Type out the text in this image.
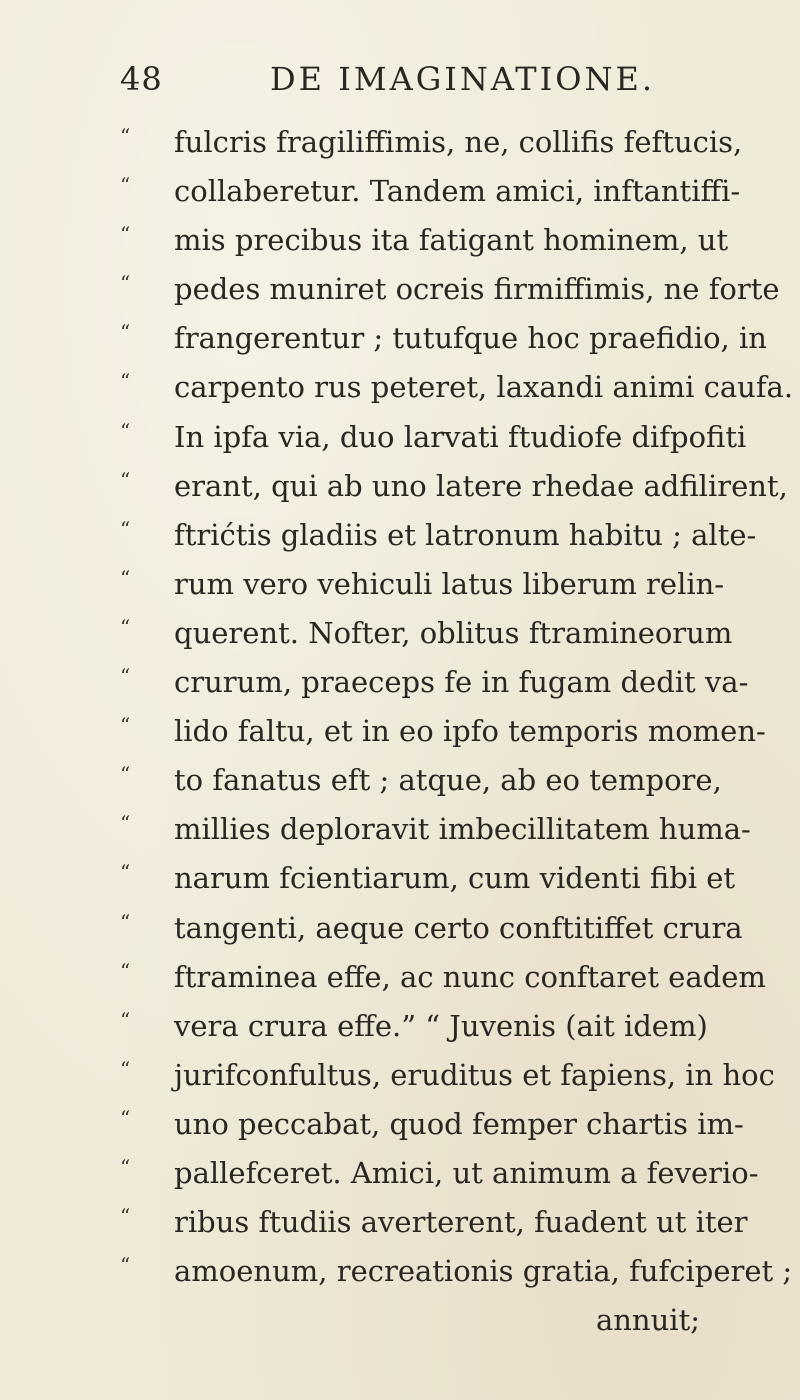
48	DE IMAGINATIONE.
“ fulcris fragiliffimis, ne, collifis feftucis,
“ collaberetur. Tandem amici, inftantiffi-
“ mis precibus ita fatigant hominem, ut
“ pedes muniret ocreis firmiffimis, ne forte
“ frangerentur ; tutufque hoc praefidio, in
“ carpento rus peteret, laxandi animi caufa.
“ In ipfa via, duo larvati ftudiofe difpofiti
“ erant, qui ab uno latere rhedae adfilirent,
“ ftrićtis gladiis et latronum habitu ; alte-
“ rum vero vehiculi latus liberum relin-
“ querent. Nofter, oblitus ftramineorum
“ crurum, praeceps fe in fugam dedit va-
“ lido faltu, et in eo ipfo temporis momen-
“ to fanatus eft ; atque, ab eo tempore,
“ millies deploravit imbecillitatem huma-
“ narum fcientiarum, cum videnti fibi et
“ tangenti, aeque certo conftitiffet crura
“ ftraminea effe, ac nunc conftaret eadem
“ vera crura effe.” “ Juvenis (ait idem)
“ jurifconfultus, eruditus et fapiens, in hoc
“ uno peccabat, quod femper chartis im-
“ pallefceret. Amici, ut animum a feverio-
“ ribus ftudiis averterent, fuadent ut iter
“ amoenum, recreationis gratia, fufciperet ;
annuit;
